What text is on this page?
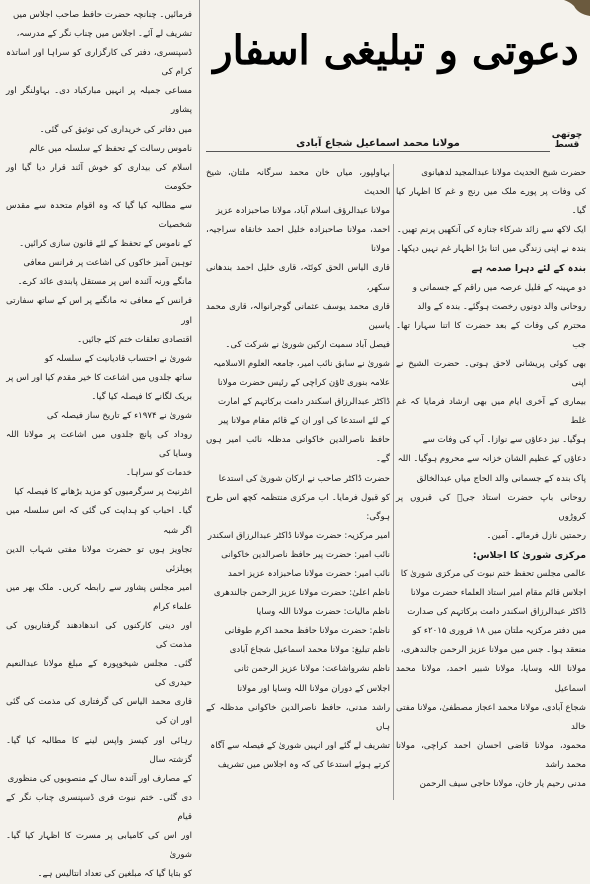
فرمائیں۔ چنانچہ حضرت حافظ صاحب اجلاس میں

تشریف لے آئے۔ اجلاس میں چناب نگر کے مدرسہ،

ڈسپنسری، دفتر کی کارگزاری کو سراہا اور اساتذہ کرام کی

مساعی جمیلہ پر انہیں مبارکباد دی۔ بہاولنگر اور پشاور

میں دفاتر کی خریداری کی توثیق کی گئی۔

ناموس رسالت کے تحفظ کے سلسلہ میں عالم

اسلام کی بیداری کو خوش آئند قرار دیا گیا اور حکومت

سے مطالبہ کیا گیا کہ وہ اقوام متحدہ سے مقدس شخصیات

کے ناموس کے تحفظ کے لئے قانون سازی کرائیں۔

توہین آمیز خاکوں کی اشاعت پر فرانس معافی

مانگے ورنہ آئندہ اس پر مستقل پابندی عائد کرے۔

فرانس کے معافی نہ مانگنے پر اس کے ساتھ سفارتی اور

اقتصادی تعلقات ختم کئے جائیں۔

شوریٰ نے احتساب قادیانیت کے سلسلہ کو

ساتھ جلدوں میں اشاعت کا خیر مقدم کیا اور اس پر

بریک لگانے کا فیصلہ کیا گیا۔

شوریٰ نے ۱۹۷۴ء کے تاریخ ساز فیصلہ کی

روداد کی پانچ جلدوں میں اشاعت پر مولانا اللہ وسایا کی

خدمات کو سراہا۔

انٹرنیٹ پر سرگرمیوں کو مزید بڑھانے کا فیصلہ کیا

گیا۔ احباب کو ہدایت کی گئی کہ اس سلسلہ میں اگر شبہ

تجاویز ہوں تو حضرت مولانا مفتی شہاب الدین پوپلزئی

امیر مجلس پشاور سے رابطہ کریں۔ ملک بھر میں علماء کرام

اور دینی کارکنوں کی اندھادھند گرفتاریوں کی مذمت کی

گئی۔ مجلس شیخوپورہ کے مبلغ مولانا عبدالنعیم حیدری کی

قاری محمد الیاس کی گرفتاری کی مذمت کی گئی اور ان کی

رہائی اور کیسز واپس لینے کا مطالبہ کیا گیا۔ گزشتہ سال

کے مصارف اور آئندہ سال کے منصوبوں کی منظوری

دی گئی۔ ختم نبوت فری ڈسپنسری چناب نگر کے قیام

اور اس کی کامیابی پر مسرت کا اظہار کیا گیا۔ شوریٰ

کو بتایا گیا کہ مبلغین کی تعداد انتالیس ہے۔

دعوتی و تبلیغی اسفار
مولانا محمد اسماعیل شجاع آبادی
چوتھی قسط

بہاولپور، میاں خان محمد سرگانہ ملتان، شیخ الحدیث

مولانا عبدالرؤف اسلام آباد، مولانا صاحبزادہ عزیز

احمد، مولانا صاحبزادہ خلیل احمد خانقاہ سراجیہ، مولانا

قاری الیاس الحق کوئٹہ، قاری خلیل احمد بندھانی سکھر،

قاری محمد یوسف عثمانی گوجرانوالہ، قاری محمد یاسین

فیصل آباد سمیت ارکین شوریٰ نے شرکت کی۔

شوریٰ نے سابق نائب امیر، جامعہ العلوم الاسلامیہ

علامہ بنوری ٹاؤن کراچی کے رئیس حضرت مولانا

ڈاکٹر عبدالرزاق اسکندر دامت برکاتہم کے امارت

کے لئے استدعا کی اور ان کے قائم مقام مولانا پیر

حافظ ناصرالدین خاکوانی مدظلہ نائب امیر ہوں گے۔

حضرت ڈاکٹر صاحب نے ارکان شوریٰ کی استدعا

کو قبول فرمایا۔ اب مرکزی منتظمہ کچھ اس طرح ہوگی:

امیر مرکزیہ: حضرت مولانا ڈاکٹر عبدالرزاق اسکندر

نائب امیر: حضرت پیر حافظ ناصرالدین خاکوانی

نائب امیر: حضرت مولانا صاحبزادہ عزیز احمد

ناظم اعلیٰ: حضرت مولانا عزیز الرحمن جالندھری

ناظم مالیات: حضرت مولانا اللہ وسایا

ناظم: حضرت مولانا حافظ محمد اکرم طوفانی

ناظم تبلیغ: مولانا محمد اسماعیل شجاع آبادی

ناظم نشرواشاعت: مولانا عزیز الرحمن ثانی

اجلاس کے دوران مولانا اللہ وسایا اور مولانا

راشد مدنی، حافظ ناصرالدین خاکوانی مدظلہ کے ہاں

تشریف لے گئے اور انہیں شوریٰ کے فیصلہ سے آگاہ

کرتے ہوئے استدعا کی کہ وہ اجلاس میں تشریف

حضرت شیخ الحدیث مولانا عبدالمجید لدھیانوی

کی وفات پر پورے ملک میں رنج و غم کا اظہار کیا گیا۔

ایک لاکھ سے زائد شرکاء جنازہ کی آنکھیں پرنم تھیں۔

بندہ نے اپنی زندگی میں اتنا بڑا اظہار غم نہیں دیکھا۔

بندہ کے لئے دہرا صدمہ ہے

دو مہینہ کے قلیل عرصہ میں راقم کے جسمانی و

روحانی والد دونوں رخصت ہوگئے۔ بندہ کے والد

محترم کی وفات کے بعد حضرت کا اتنا سہارا تھا۔ جب

بھی کوئی پریشانی لاحق ہوتی۔ حضرت الشیخ نے اپنی

بیماری کے آخری ایام میں بھی ارشاد فرمایا کہ غم غلط

ہوگیا۔ نیز دعاؤں سے نوازا۔ آپ کی وفات سے

دعاؤں کے عظیم الشان خزانہ سے محروم ہوگیا۔ اللہ

پاک بندہ کے جسمانی والد الحاج میاں عبدالخالق

روحانی باپ حضرت استاذ جیؒ کی قبروں پر کروڑوں

رحمتیں نازل فرمائے۔ آمین۔

مرکزی شوریٰ کا اجلاس:

عالمی مجلس تحفظ ختم نبوت کی مرکزی شوریٰ کا

اجلاس قائم مقام امیر استاذ العلماء حضرت مولانا

ڈاکٹر عبدالرزاق اسکندر دامت برکاتہم کی صدارت

میں دفتر مرکزیہ ملتان میں ۱۸ فروری ۲۰۱۵ء کو

منعقد ہوا۔ جس میں مولانا عزیز الرحمن جالندھری،

مولانا اللہ وسایا، مولانا شبیر احمد، مولانا محمد اسماعیل

شجاع آبادی، مولانا محمد اعجاز مصطفیٰ، مولانا مفتی خالد

محمود، مولانا قاضی احسان احمد کراچی، مولانا محمد راشد

مدنی رحیم یار خان، مولانا حاجی سیف الرحمن
